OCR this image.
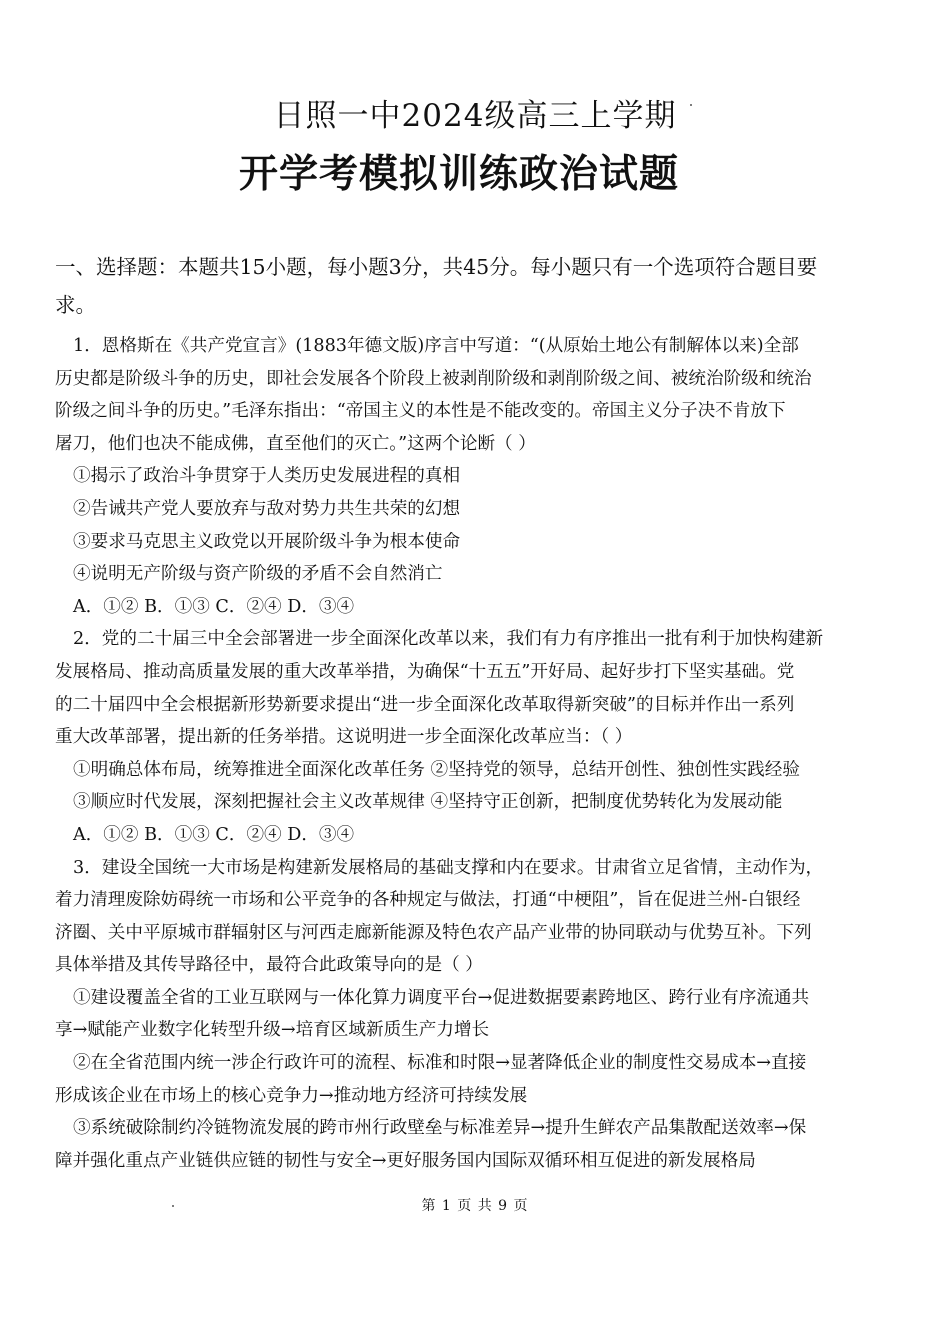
日照一中2024级高三上学期
开学考模拟训练政治试题
一、选择题：本题共15小题，每小题3分，共45分。每小题只有一个选项符合题目要
求。
1．恩格斯在《共产党宣言》(1883年德文版)序言中写道：“(从原始土地公有制解体以来)全部
历史都是阶级斗争的历史，即社会发展各个阶段上被剥削阶级和剥削阶级之间、被统治阶级和统治
阶级之间斗争的历史。”毛泽东指出：“帝国主义的本性是不能改变的。帝国主义分子决不肯放下
屠刀，他们也决不能成佛，直至他们的灭亡。”这两个论断（ ）
①揭示了政治斗争贯穿于人类历史发展进程的真相
②告诫共产党人要放弃与敌对势力共生共荣的幻想
③要求马克思主义政党以开展阶级斗争为根本使命
④说明无产阶级与资产阶级的矛盾不会自然消亡
A．①② B．①③ C．②④ D．③④
2．党的二十届三中全会部署进一步全面深化改革以来，我们有力有序推出一批有利于加快构建新
发展格局、推动高质量发展的重大改革举措，为确保“十五五”开好局、起好步打下坚实基础。党
的二十届四中全会根据新形势新要求提出“进一步全面深化改革取得新突破”的目标并作出一系列
重大改革部署，提出新的任务举措。这说明进一步全面深化改革应当：（ ）
①明确总体布局，统筹推进全面深化改革任务 ②坚持党的领导，总结开创性、独创性实践经验
③顺应时代发展，深刻把握社会主义改革规律 ④坚持守正创新，把制度优势转化为发展动能
A．①② B．①③ C．②④ D．③④
3．建设全国统一大市场是构建新发展格局的基础支撑和内在要求。甘肃省立足省情，主动作为，
着力清理废除妨碍统一市场和公平竞争的各种规定与做法，打通“中梗阻”，旨在促进兰州-白银经
济圈、关中平原城市群辐射区与河西走廊新能源及特色农产品产业带的协同联动与优势互补。下列
具体举措及其传导路径中，最符合此政策导向的是（ ）
①建设覆盖全省的工业互联网与一体化算力调度平台→促进数据要素跨地区、跨行业有序流通共
享→赋能产业数字化转型升级→培育区域新质生产力增长
②在全省范围内统一涉企行政许可的流程、标准和时限→显著降低企业的制度性交易成本→直接
形成该企业在市场上的核心竞争力→推动地方经济可持续发展
③系统破除制约冷链物流发展的跨市州行政壁垒与标准差异→提升生鲜农产品集散配送效率→保
障并强化重点产业链供应链的韧性与安全→更好服务国内国际双循环相互促进的新发展格局
第 1 页 共 9 页
